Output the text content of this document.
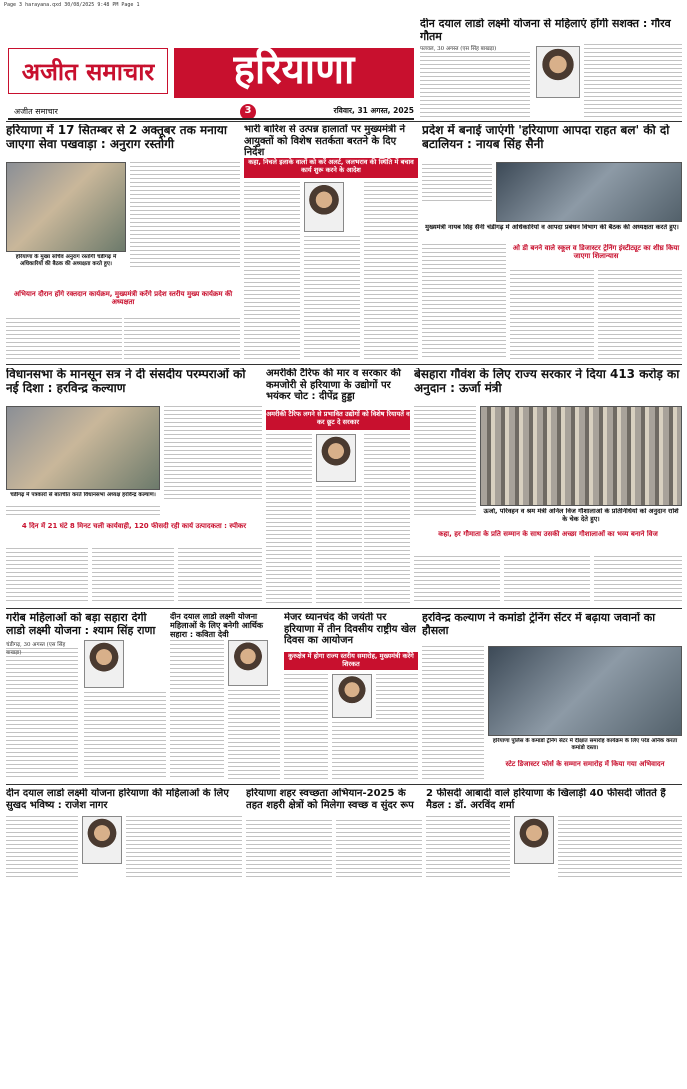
Page 3 harayana.qxd 30/08/2025 9:48 PM Page 1
अजीत समाचार	हरियाणा
अजीत समाचार	3	रविवार, 31 अगस्त, 2025
दीन दयाल लाडो लक्ष्मी योजना से महिलाएं होंगी सशक्त : गौरव गौतम
पलवल, 30 अगस्त (एस सिंह बाखड़ा)
हरियाणा में 17 सितम्बर से 2 अक्तूबर तक मनाया जाएगा सेवा पखवाड़ा : अनुराग रस्तोगी
हरियाणा के मुख्य सचिव अनुराग रस्तोगी चंडीगढ़ में अधिकारियों की बैठक की अध्यक्षता करते हुए।
अभियान दौरान होंगे रक्तदान कार्यक्रम, मुख्यमंत्री करेंगे प्रदेश स्तरीय मुख्य कार्यक्रम की अध्यक्षता
भारी बारिश से उत्पन्न हालातों पर मुख्यमंत्री ने आयुक्तों को विशेष सतर्कता बरतने के दिए निर्देश
कहा, निचले इलाके वालों को करें अलर्ट, जलभराव की स्थिति में बचाव कार्य शुरू करने के आदेश
प्रदेश में बनाई जाएंगी 'हरियाणा आपदा राहत बल' की दो बटालियन : नायब सिंह सैनी
मुख्यमंत्री नायब सिंह सैनी चंडीगढ़ में अधिकारियों व आपदा प्रबंधन विभाग की बैठक की अध्यक्षता करते हुए।
ओ डी बनने वाले स्कूल व डिजास्टर ट्रेनिंग इंस्टीट्यूट का शीघ्र किया जाएगा शिलान्यास
विधानसभा के मानसून सत्र ने दी संसदीय परम्पराओं को नई दिशा : हरविन्द्र कल्याण
चंडीगढ़ में पत्रकारों से बातचीत करते विधानसभा अध्यक्ष हरविन्द्र कल्याण।
4 दिन में 21 घंटे 8 मिनट चली कार्यवाही, 120 फीसदी रही कार्य उत्पादकता : स्पीकर
अमरीकी टैरिफ की मार व सरकार की कमजोरी से हरियाणा के उद्योगों पर भयंकर चोट : दीपेंद्र हुड्डा
अमरीकी टैरिफ लगने से प्रभावित उद्योगों को विशेष रियायतें व कर छूट दे सरकार
बेसहारा गौवंश के लिए राज्य सरकार ने दिया 413 करोड़ का अनुदान : ऊर्जा मंत्री
ऊर्जा, परिवहन व श्रम मंत्री अनिल विज गौशालाओं के प्रतिनिधियों को अनुदान राशि के चेक देते हुए।
कहा, हर गौमाता के प्रति सम्मान के साथ उसकी अच्छा गौशालाओं का भव्य बनाने विज
गरीब महिलाओं को बड़ा सहारा देगी लाडो लक्ष्मी योजना : श्याम सिंह राणा
चंडीगढ़, 30 अगस्त (एस सिंह बाखड़ा)
दीन दयाल लाडो लक्ष्मी योजना महिलाओं के लिए बनेगी आर्थिक सहारा : कविता देवी
मेजर ध्यानचंद की जयंती पर हरियाणा में तीन दिवसीय राष्ट्रीय खेल दिवस का आयोजन
कुरुक्षेत्र में होगा राज्य स्तरीय समारोह, मुख्यमंत्री करेंगे शिरकत
हरविन्द्र कल्याण ने कमांडो ट्रेनिंग सेंटर में बढ़ाया जवानों का हौसला
हरियाणा पुलिस के कमांडो ट्रेनिंग सेंटर में दीक्षांत समारोह कार्यक्रम के लिए परेड अनिक करता कमांडो दस्ता।
स्टेट डिजास्टर फोर्स के सम्मान समारोह में किया गया अभिवादन
दीन दयाल लाडो लक्ष्मी योजना हरियाणा की महिलाओं के लिए सुखद भविष्य : राजेश नागर
हरियाणा शहर स्वच्छता अभियान-2025 के तहत शहरी क्षेत्रों को मिलेगा स्वच्छ व सुंदर रूप
2 फीसदी आबादी वाले हरियाणा के खिलाड़ी 40 फीसदी जीतते हैं मैडल : डॉ. अरविंद शर्मा
